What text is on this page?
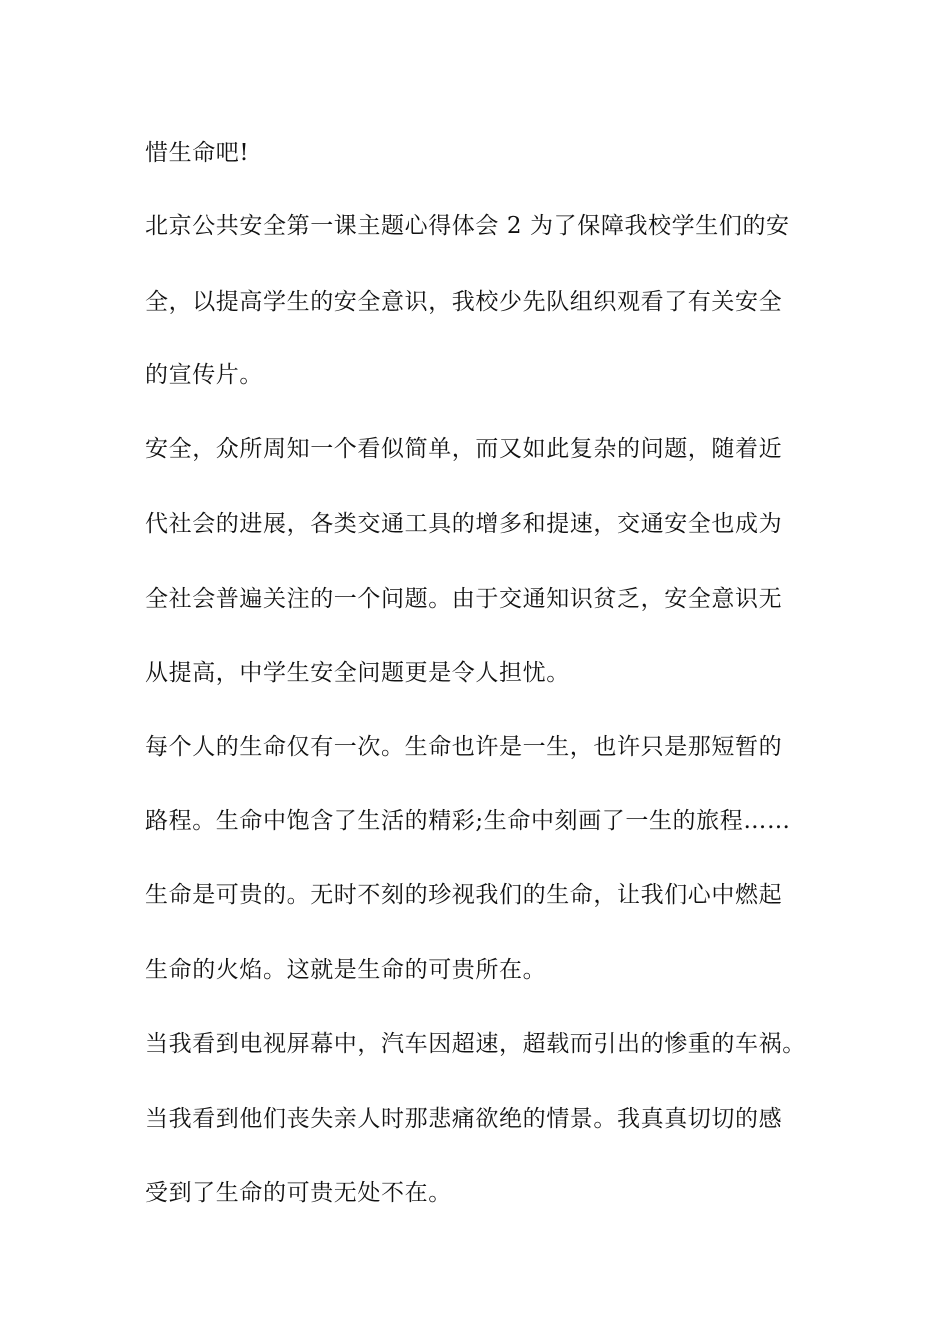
惜生命吧!
北京公共安全第一课主题心得体会 2 为了保障我校学生们的安
全，以提高学生的安全意识，我校少先队组织观看了有关安全
的宣传片。
安全，众所周知一个看似简单，而又如此复杂的问题，随着近
代社会的进展，各类交通工具的增多和提速，交通安全也成为
全社会普遍关注的一个问题。由于交通知识贫乏，安全意识无
从提高，中学生安全问题更是令人担忧。
每个人的生命仅有一次。生命也许是一生，也许只是那短暂的
路程。生命中饱含了生活的精彩;生命中刻画了一生的旅程……
生命是可贵的。无时不刻的珍视我们的生命，让我们心中燃起
生命的火焰。这就是生命的可贵所在。
当我看到电视屏幕中，汽车因超速，超载而引出的惨重的车祸。
当我看到他们丧失亲人时那悲痛欲绝的情景。我真真切切的感
受到了生命的可贵无处不在。
